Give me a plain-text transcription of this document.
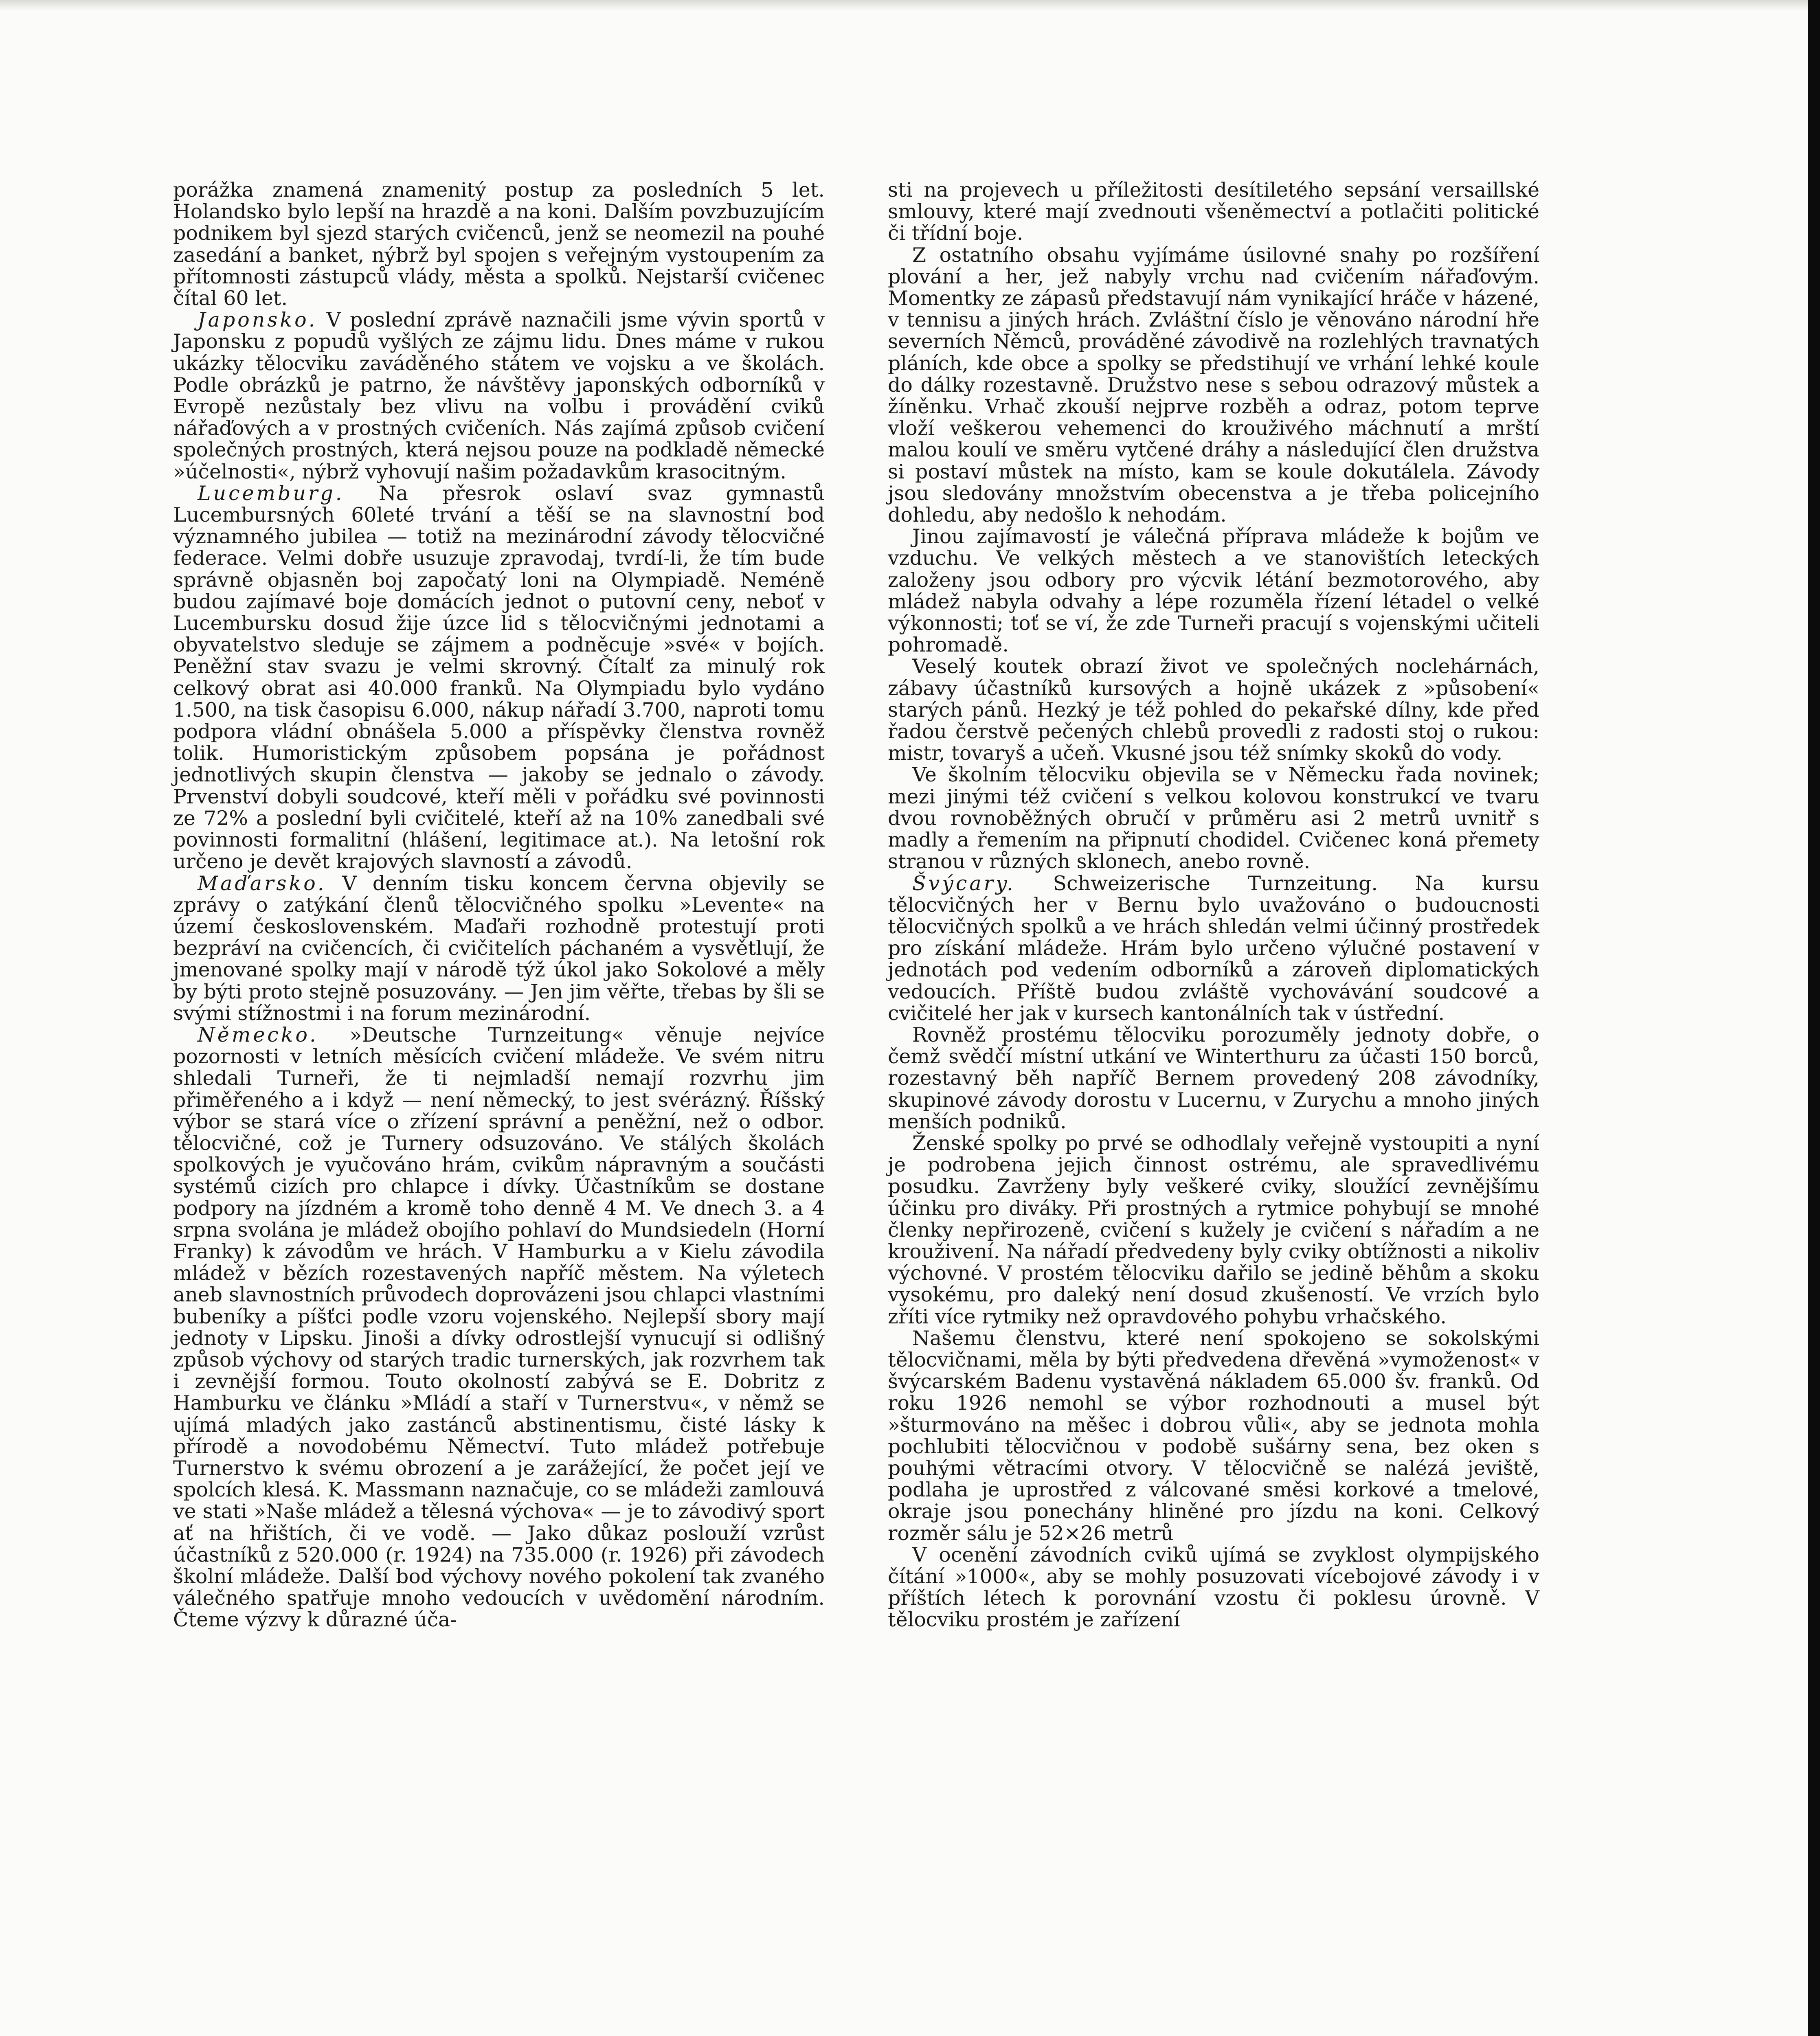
porážka znamená znamenitý postup za posledních 5 let. Holandsko bylo lepší na hrazdě a na koni. Dalším povzbuzujícím podnikem byl sjezd starých cvičenců, jenž se neomezil na pouhé zasedání a banket, nýbrž byl spojen s veřejným vystoupením za přítomnosti zástupců vlády, města a spolků. Nejstarší cvičenec čítal 60 let.

Japonsko. V poslední zprávě naznačili jsme vývin sportů v Japonsku z popudů vyšlých ze zájmu lidu. Dnes máme v rukou ukázky tělocviku zaváděného státem ve vojsku a ve školách. Podle obrázků je patrno, že návštěvy japonských odborníků v Evropě nezůstaly bez vlivu na volbu i provádění cviků nářaďových a v prostných cvičeních. Nás zajímá způsob cvičení společných prostných, která nejsou pouze na podkladě německé »účelnosti«, nýbrž vyhovují našim požadavkům krasocitným.

Lucemburg. Na přesrok oslaví svaz gymnastů Lucembursných 60leté trvání a těší se na slavnostní bod významného jubilea — totiž na mezinárodní závody tělocvičné federace. Velmi dobře usuzuje zpravodaj, tvrdí-li, že tím bude správně objasněn boj započatý loni na Olympiadě. Neméně budou zajímavé boje domácích jednot o putovní ceny, neboť v Lucembursku dosud žije úzce lid s tělocvičnými jednotami a obyvatelstvo sleduje se zájmem a podněcuje »své« v bojích. Peněžní stav svazu je velmi skrovný. Čítalť za minulý rok celkový obrat asi 40.000 franků. Na Olympiadu bylo vydáno 1.500, na tisk časopisu 6.000, nákup nářadí 3.700, naproti tomu podpora vládní obnášela 5.000 a příspěvky členstva rovněž tolik. Humoristickým způsobem popsána je pořádnost jednotlivých skupin členstva — jakoby se jednalo o závody. Prvenství dobyli soudcové, kteří měli v pořádku své povinnosti ze 72% a poslední byli cvičitelé, kteří až na 10% zanedbali své povinnosti formalitní (hlášení, legitimace at.). Na letošní rok určeno je devět krajových slavností a závodů.

Maďarsko. V denním tisku koncem června objevily se zprávy o zatýkání členů tělocvičného spolku »Levente« na území československém. Maďaři rozhodně protestují proti bezpráví na cvičencích, či cvičitelích páchaném a vysvětlují, že jmenované spolky mají v národě týž úkol jako Sokolové a měly by býti proto stejně posuzovány. — Jen jim věřte, třebas by šli se svými stížnostmi i na forum mezinárodní.

Německo. »Deutsche Turnzeitung« věnuje nejvíce pozornosti v letních měsících cvičení mládeže. Ve svém nitru shledali Turneři, že ti nejmladší nemají rozvrhu jim přiměřeného a i když — není německý, to jest svérázný. Říšský výbor se stará více o zřízení správní a peněžní, než o odbor. tělocvičné, což je Turnery odsuzováno. Ve stálých školách spolkových je vyučováno hrám, cvikům nápravným a součásti systémů cizích pro chlapce i dívky. Účastníkům se dostane podpory na jízdném a kromě toho denně 4 M. Ve dnech 3. a 4 srpna svolána je mládež obojího pohlaví do Mundsiedeln (Horní Franky) k závodům ve hrách. V Hamburku a v Kielu závodila mládež v bězích rozestavených napříč městem. Na výletech aneb slavnostních průvodech doprovázeni jsou chlapci vlastními bubeníky a píšťci podle vzoru vojenského. Nejlepší sbory mají jednoty v Lipsku. Jinoši a dívky odrostlejší vynucují si odlišný způsob výchovy od starých tradic turnerských, jak rozvrhem tak i zevnější formou. Touto okolností zabývá se E. Dobritz z Hamburku ve článku »Mládí a staří v Turnerstvu«, v němž se ujímá mladých jako zastánců abstinentismu, čisté lásky k přírodě a novodobému Němectví. Tuto mládež potřebuje Turnerstvo k svému obrození a je zarážející, že počet její ve spolcích klesá. K. Massmann naznačuje, co se mládeži zamlouvá ve stati »Naše mládež a tělesná výchova« — je to závodivý sport ať na hřištích, či ve vodě. — Jako důkaz poslouží vzrůst účastníků z 520.000 (r. 1924) na 735.000 (r. 1926) při závodech školní mládeže. Další bod výchovy nového pokolení tak zvaného válečného spatřuje mnoho vedoucích v uvědomění národním. Čteme výzvy k důrazné úča-

sti na projevech u příležitosti desítiletého sepsání versaillské smlouvy, které mají zvednouti všeněmectví a potlačiti politické či třídní boje.

Z ostatního obsahu vyjímáme úsilovné snahy po rozšíření plování a her, jež nabyly vrchu nad cvičením nářaďovým. Momentky ze zápasů představují nám vynikající hráče v házené, v tennisu a jiných hrách. Zvláštní číslo je věnováno národní hře severních Němců, prováděné závodivě na rozlehlých travnatých pláních, kde obce a spolky se předstihují ve vrhání lehké koule do dálky rozestavně. Družstvo nese s sebou odrazový můstek a žíněnku. Vrhač zkouší nejprve rozběh a odraz, potom teprve vloží veškerou vehemenci do krouživého máchnutí a mrští malou koulí ve směru vytčené dráhy a následující člen družstva si postaví můstek na místo, kam se koule dokutálela. Závody jsou sledovány množstvím obecenstva a je třeba policejního dohledu, aby nedošlo k nehodám.

Jinou zajímavostí je válečná příprava mládeže k bojům ve vzduchu. Ve velkých městech a ve stanovištích leteckých založeny jsou odbory pro výcvik létání bezmotorového, aby mládež nabyla odvahy a lépe rozuměla řízení létadel o velké výkonnosti; toť se ví, že zde Turneři pracují s vojenskými učiteli pohromadě.

Veselý koutek obrazí život ve společných noclehárnách, zábavy účastníků kursových a hojně ukázek z »působení« starých pánů. Hezký je též pohled do pekařské dílny, kde před řadou čerstvě pečených chlebů provedli z radosti stoj o rukou: mistr, tovaryš a učeň. Vkusné jsou též snímky skoků do vody.

Ve školním tělocviku objevila se v Německu řada novinek; mezi jinými též cvičení s velkou kolovou konstrukcí ve tvaru dvou rovnoběžných obručí v průměru asi 2 metrů uvnitř s madly a řemením na připnutí chodidel. Cvičenec koná přemety stranou v různých sklonech, anebo rovně.

Švýcary. Schweizerische Turnzeitung. Na kursu tělocvičných her v Bernu bylo uvažováno o budoucnosti tělocvičných spolků a ve hrách shledán velmi účinný prostředek pro získání mládeže. Hrám bylo určeno výlučné postavení v jednotách pod vedením odborníků a zároveň diplomatických vedoucích. Příště budou zvláště vychovávání soudcové a cvičitelé her jak v kursech kantonálních tak v ústřední.

Rovněž prostému tělocviku porozuměly jednoty dobře, o čemž svědčí místní utkání ve Winterthuru za účasti 150 borců, rozestavný běh napříč Bernem provedený 208 závodníky, skupinové závody dorostu v Lucernu, v Zurychu a mnoho jiných menších podniků.

Ženské spolky po prvé se odhodlaly veřejně vystoupiti a nyní je podrobena jejich činnost ostrému, ale spravedlivému posudku. Zavrženy byly veškeré cviky, sloužící zevnějšímu účinku pro diváky. Při prostných a rytmice pohybují se mnohé členky nepřirozeně, cvičení s kužely je cvičení s nářadím a ne krouživení. Na nářadí předvedeny byly cviky obtížnosti a nikoliv výchovné. V prostém tělocviku dařilo se jedině běhům a skoku vysokému, pro daleký není dosud zkušeností. Ve vrzích bylo zříti více rytmiky než opravdového pohybu vrhačského.

Našemu členstvu, které není spokojeno se sokolskými tělocvičnami, měla by býti předvedena dřevěná »vymoženost« v švýcarském Badenu vystavěná nákladem 65.000 šv. franků. Od roku 1926 nemohl se výbor rozhodnouti a musel být »šturmováno na měšec i dobrou vůli«, aby se jednota mohla pochlubiti tělocvičnou v podobě sušárny sena, bez oken s pouhými větracími otvory. V tělocvičně se nalézá jeviště, podlaha je uprostřed z válcované směsi korkové a tmelové, okraje jsou ponechány hliněné pro jízdu na koni. Celkový rozměr sálu je 52×26 metrů

V ocenění závodních cviků ujímá se zvyklost olympijského čítání »1000«, aby se mohly posuzovati vícebojové závody i v příštích létech k porovnání vzostu či poklesu úrovně. V tělocviku prostém je zařízení
